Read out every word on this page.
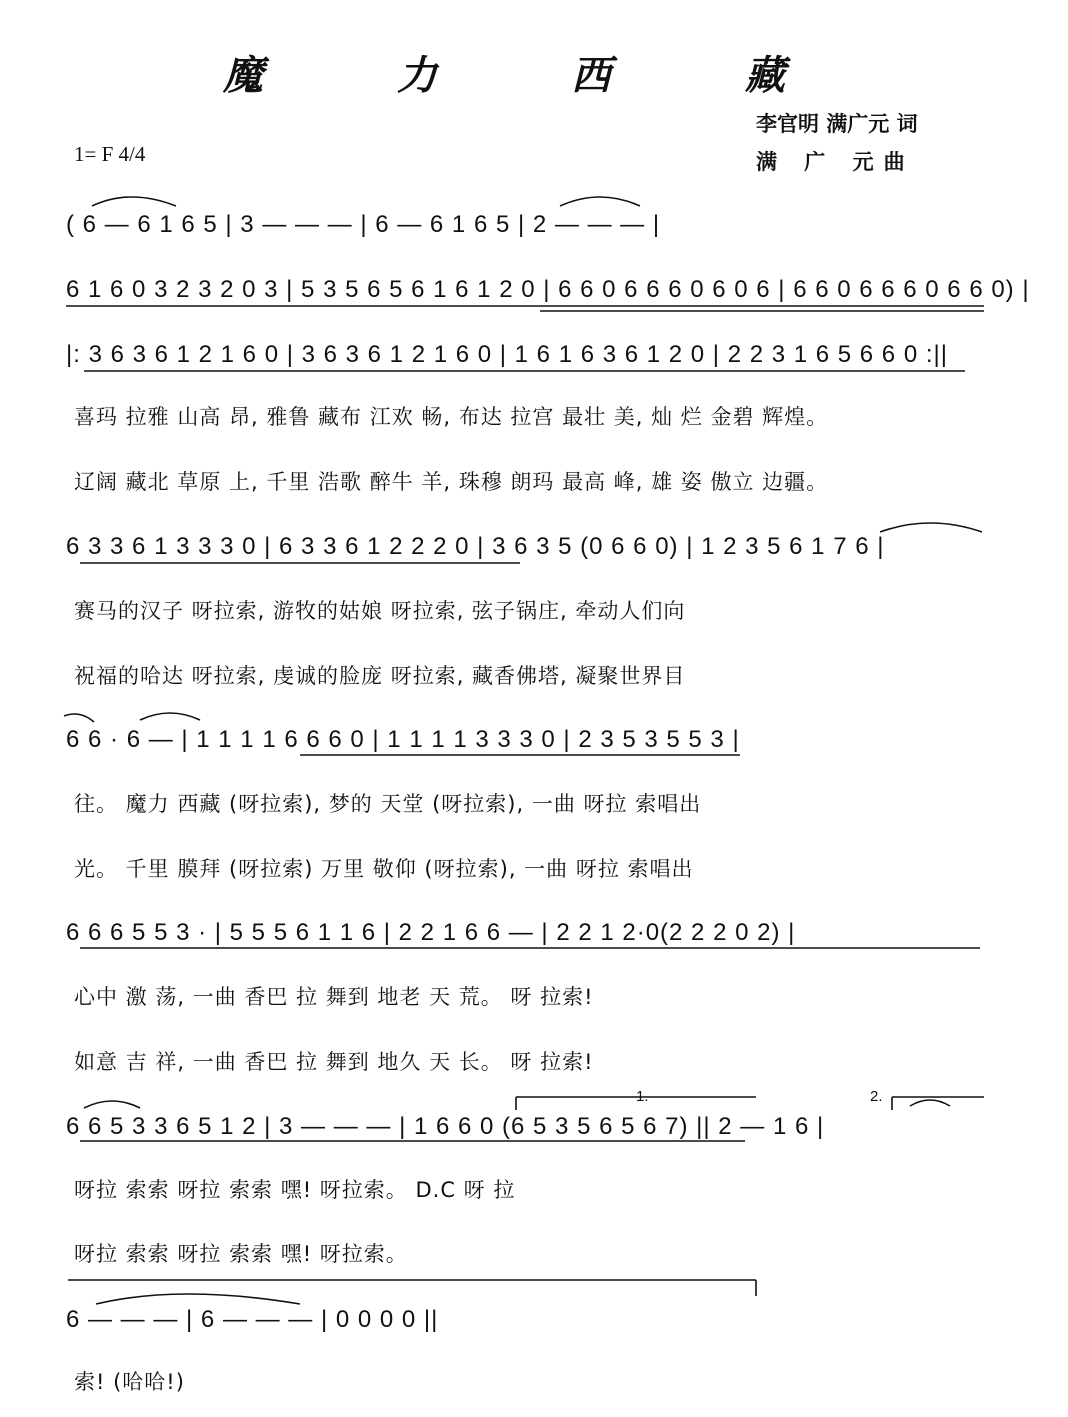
魔 力 西 藏
李官明 满广元 词
满 广 元曲
1= F 4/4
( 6 — 6 1 6 5 | 3 — — — | 6 — 6 1 6 5 | 2 — — — |
6 1 6 0 3 2 3 2 0 3 | 5 3 5 6 5 6 1 6 1 2 0 | 6 6 0 6 6 6 0 6 0 6 | 6 6 0 6 6 6 0 6 6 0) |
|: 3 6 3 6 1 2 1 6 0 | 3 6 3 6 1 2 1 6 0 | 1 6 1 6 3 6 1 2 0 | 2 2 3 1 6 5 6 6 0 :||
喜玛 拉雅 山高 昂, 雅鲁 藏布 江欢 畅, 布达 拉宫 最壮 美, 灿 烂 金碧 辉煌。
辽阔 藏北 草原 上, 千里 浩歌 醉牛 羊, 珠穆 朗玛 最高 峰, 雄 姿 傲立 边疆。
6 3 3 6 1 3 3 3 0 | 6 3 3 6 1 2 2 2 0 | 3 6 3 5 (0 6 6 0) | 1 2 3 5 6 1 7 6 |
赛马的汉子 呀拉索, 游牧的姑娘 呀拉索, 弦子锅庄, 牵动人们向
祝福的哈达 呀拉索, 虔诚的脸庞 呀拉索, 藏香佛塔, 凝聚世界目
6 6 · 6 — | 1 1 1 1 6 6 6 0 | 1 1 1 1 3 3 3 0 | 2 3 5 3 5 5 3 |
往。 魔力 西藏 (呀拉索), 梦的 天堂 (呀拉索), 一曲 呀拉 索唱出
光。 千里 膜拜 (呀拉索) 万里 敬仰 (呀拉索), 一曲 呀拉 索唱出
6 6 6 5 5 3 · | 5 5 5 6 1 1 6 | 2 2 1 6 6 — | 2 2 1 2·0(2 2 2 0 2) |
心中 激 荡, 一曲 香巴 拉 舞到 地老 天 荒。 呀 拉索!
如意 吉 祥, 一曲 香巴 拉 舞到 地久 天 长。 呀 拉索!
1.	2.
6 6 5 3 3 6 5 1 2 | 3 — — — | 1 6 6 0 (6 5 3 5 6 5 6 7) || 2 — 1 6 |
呀拉 索索 呀拉 索索 嘿! 呀拉索。 D.C 呀 拉
呀拉 索索 呀拉 索索 嘿! 呀拉索。
6 — — — | 6 — — — | 0 0 0 0 ||
索! (哈哈!)
